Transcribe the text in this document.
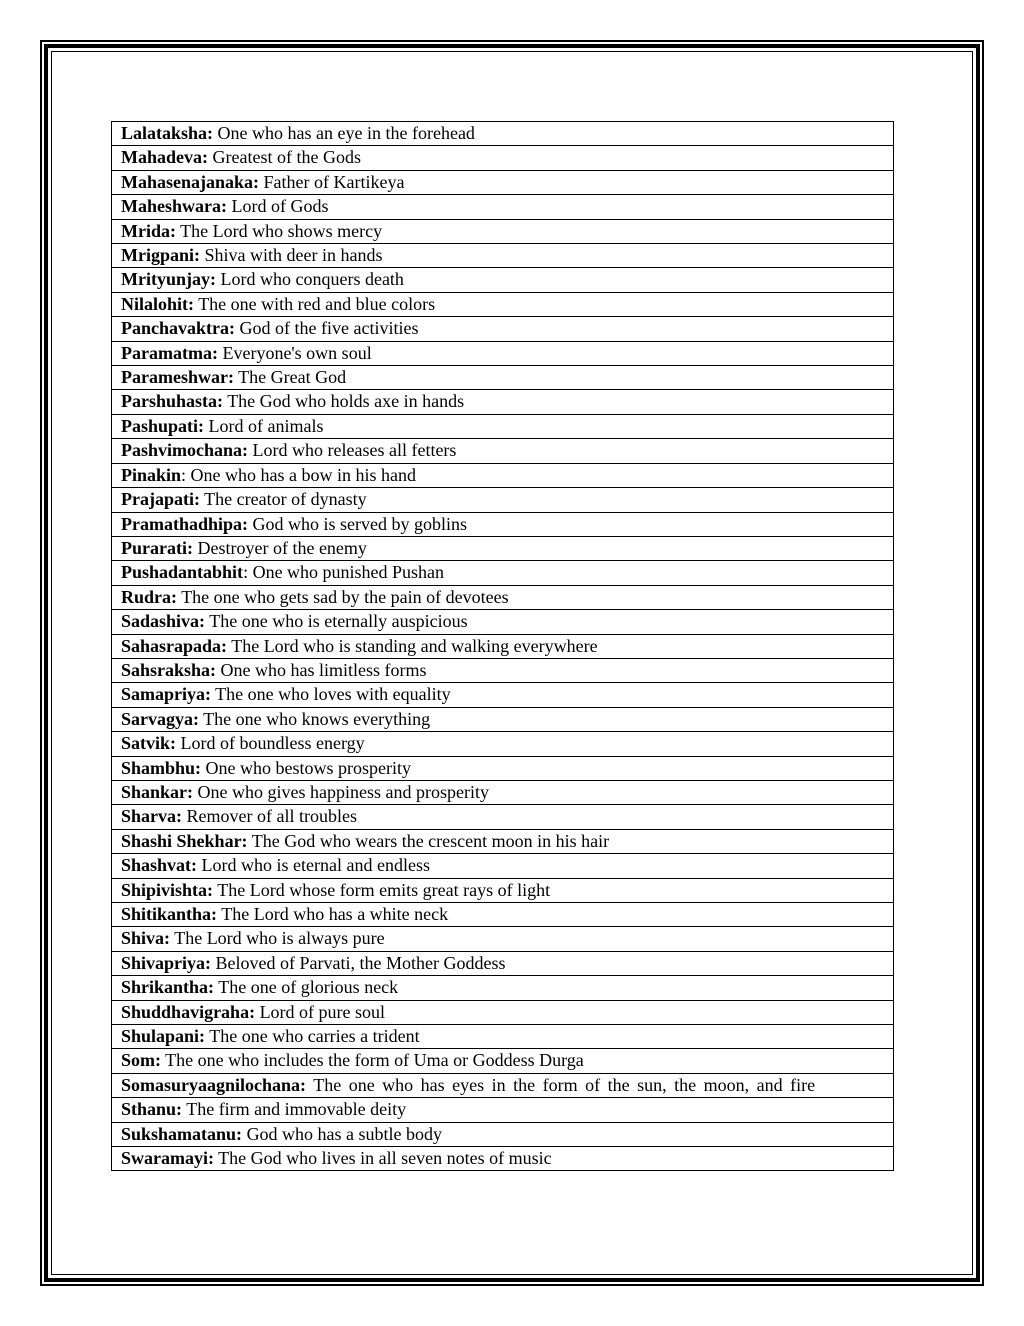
Lalataksha: One who has an eye in the forehead
Mahadeva: Greatest of the Gods
Mahasenajanaka: Father of Kartikeya
Maheshwara: Lord of Gods
Mrida: The Lord who shows mercy
Mrigpani: Shiva with deer in hands
Mrityunjay: Lord who conquers death
Nilalohit: The one with red and blue colors
Panchavaktra: God of the five activities
Paramatma: Everyone's own soul
Parameshwar: The Great God
Parshuhasta: The God who holds axe in hands
Pashupati: Lord of animals
Pashvimochana: Lord who releases all fetters
Pinakin: One who has a bow in his hand
Prajapati: The creator of dynasty
Pramathadhipa: God who is served by goblins
Purarati: Destroyer of the enemy
Pushadantabhit: One who punished Pushan
Rudra: The one who gets sad by the pain of devotees
Sadashiva: The one who is eternally auspicious
Sahasrapada: The Lord who is standing and walking everywhere
Sahsraksha: One who has limitless forms
Samapriya: The one who loves with equality
Sarvagya: The one who knows everything
Satvik: Lord of boundless energy
Shambhu: One who bestows prosperity
Shankar: One who gives happiness and prosperity
Sharva: Remover of all troubles
Shashi Shekhar: The God who wears the crescent moon in his hair
Shashvat: Lord who is eternal and endless
Shipivishta: The Lord whose form emits great rays of light
Shitikantha: The Lord who has a white neck
Shiva: The Lord who is always pure
Shivapriya: Beloved of Parvati, the Mother Goddess
Shrikantha: The one of glorious neck
Shuddhavigraha: Lord of pure soul
Shulapani: The one who carries a trident
Som: The one who includes the form of Uma or Goddess Durga
Somasuryaagnilochana: The one who has eyes in the form of the sun, the moon, and fire
Sthanu: The firm and immovable deity
Sukshamatanu: God who has a subtle body
Swaramayi: The God who lives in all seven notes of music
